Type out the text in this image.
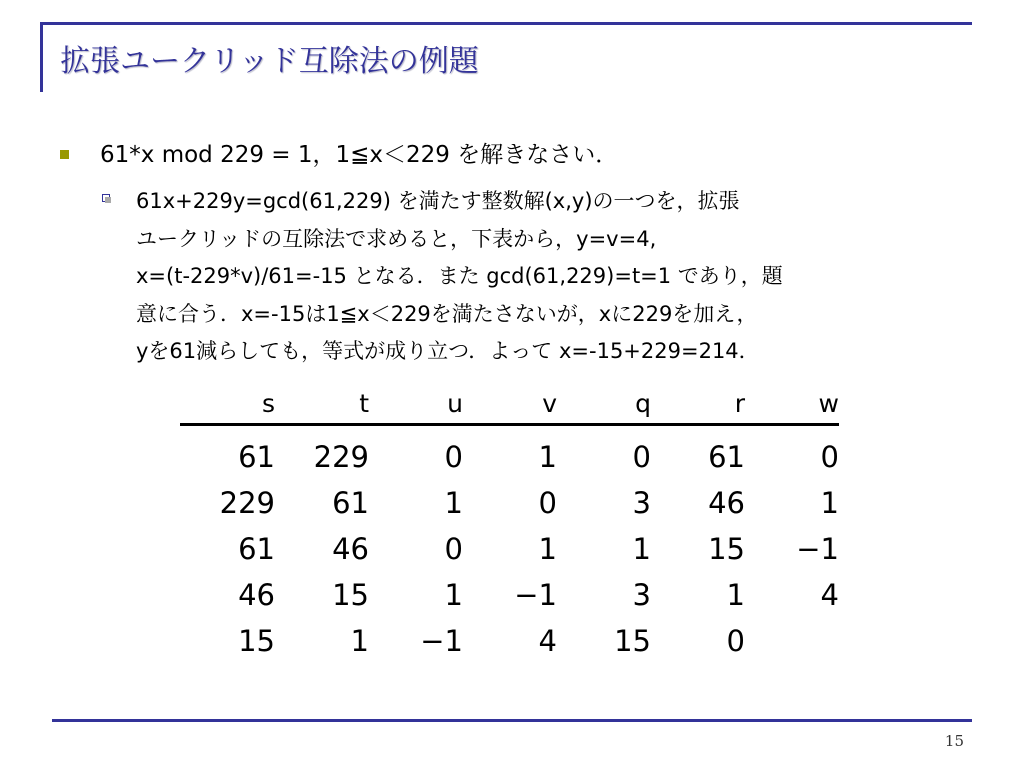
拡張ユークリッド互除法の例題
61*x mod 229 = 1，1≦x＜229 を解きなさい．
61x+229y=gcd(61,229) を満たす整数解(x,y)の一つを，拡張
ユークリッドの互除法で求めると，下表から，y=v=4,
x=(t-229*v)/61=-15 となる．また gcd(61,229)=t=1 であり，題
意に合う．x=-15は1≦x＜229を満たさないが，xに229を加え，
yを61減らしても，等式が成り立つ．よって x=-15+229=214．
s	t	u	v	q	r	w
61	229	0	1	0	61	0
229	61	1	0	3	46	1
61	46	0	1	1	15	−1
46	15	1	−1	3	1	4
15	1	−1	4	15	0	
15
